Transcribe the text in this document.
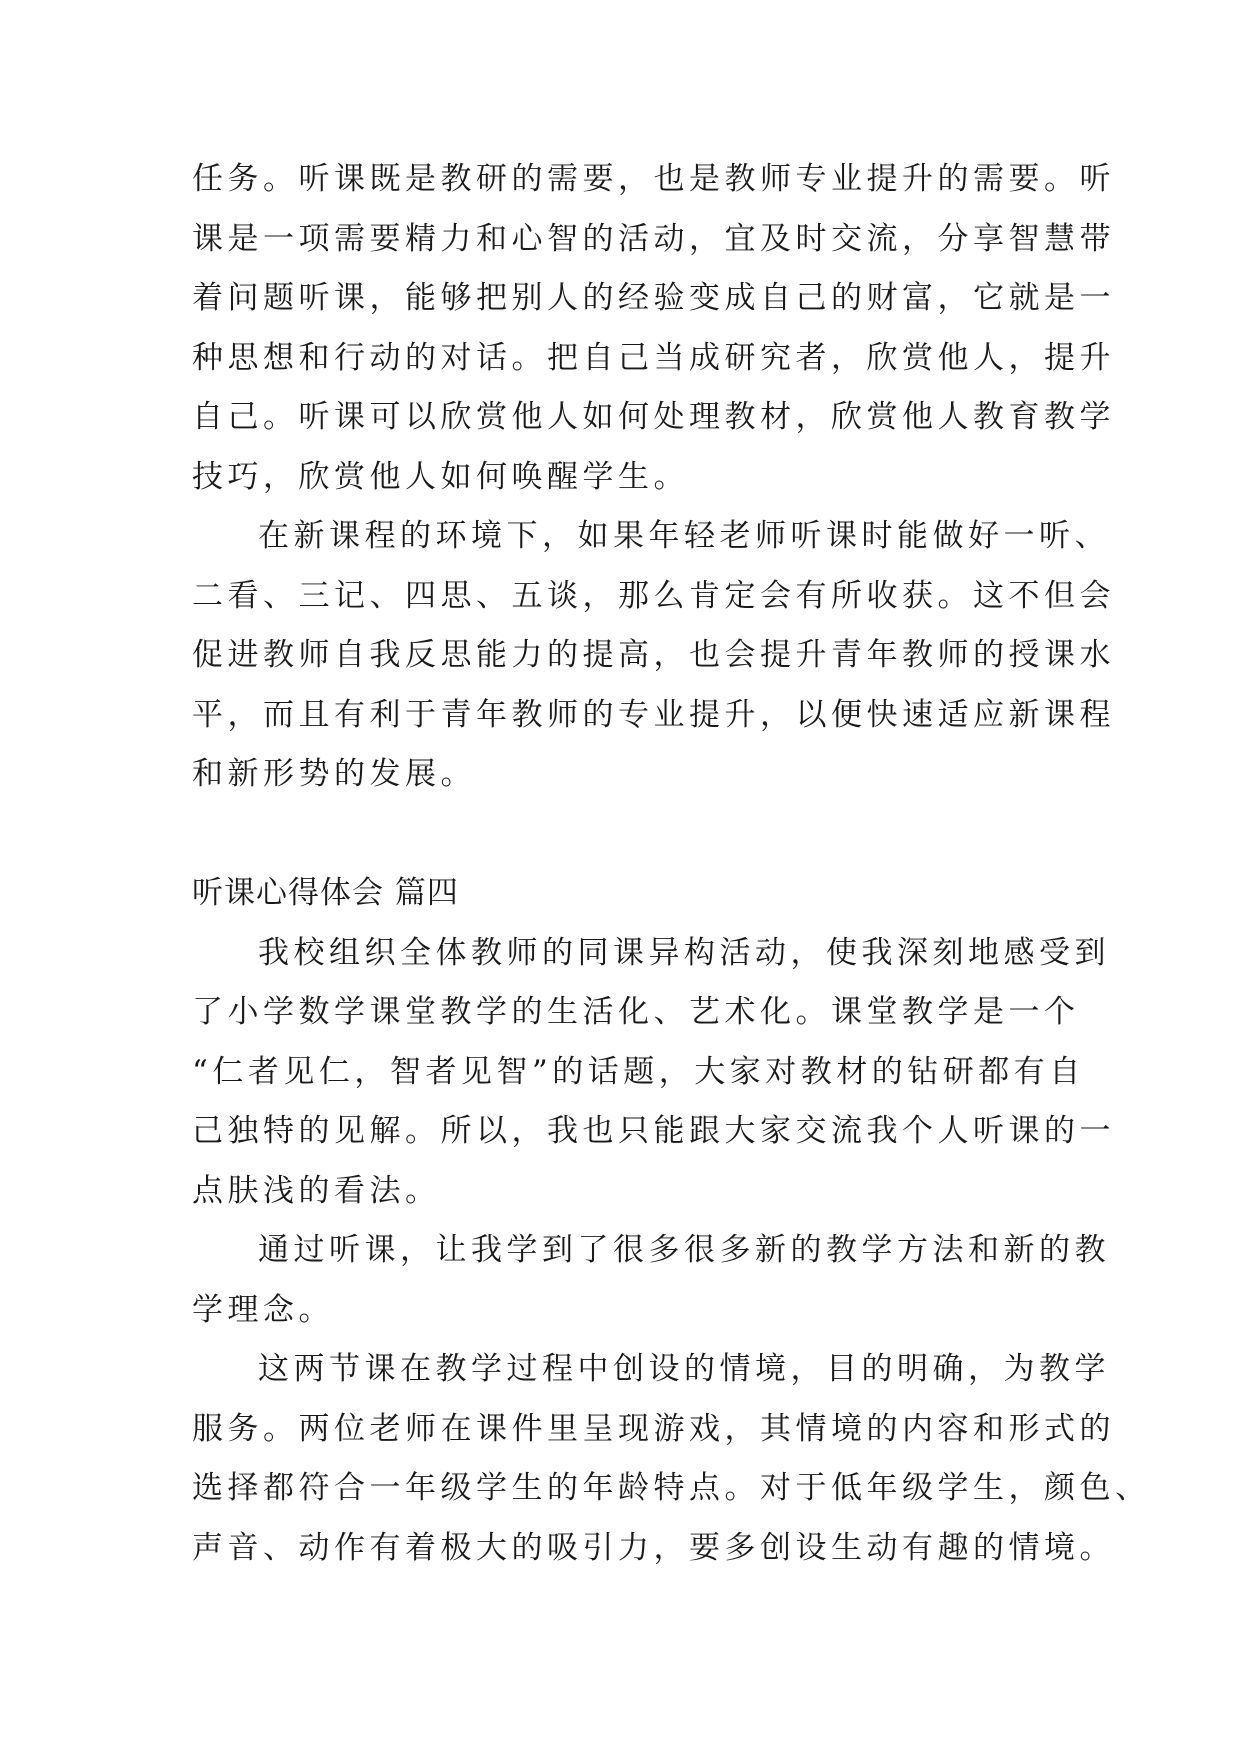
任务。听课既是教研的需要，也是教师专业提升的需要。听
课是一项需要精力和心智的活动，宜及时交流，分享智慧带
着问题听课，能够把别人的经验变成自己的财富，它就是一
种思想和行动的对话。把自己当成研究者，欣赏他人，提升
自己。听课可以欣赏他人如何处理教材，欣赏他人教育教学
技巧，欣赏他人如何唤醒学生。
在新课程的环境下，如果年轻老师听课时能做好一听、
二看、三记、四思、五谈，那么肯定会有所收获。这不但会
促进教师自我反思能力的提高，也会提升青年教师的授课水
平，而且有利于青年教师的专业提升，以便快速适应新课程
和新形势的发展。
听课心得体会 篇四
我校组织全体教师的同课异构活动，使我深刻地感受到
了小学数学课堂教学的生活化、艺术化。课堂教学是一个
“仁者见仁，智者见智”的话题，大家对教材的钻研都有自
己独特的见解。所以，我也只能跟大家交流我个人听课的一
点肤浅的看法。
通过听课，让我学到了很多很多新的教学方法和新的教
学理念。
这两节课在教学过程中创设的情境，目的明确，为教学
服务。两位老师在课件里呈现游戏，其情境的内容和形式的
选择都符合一年级学生的年龄特点。对于低年级学生，颜色、
声音、动作有着极大的吸引力，要多创设生动有趣的情境。
